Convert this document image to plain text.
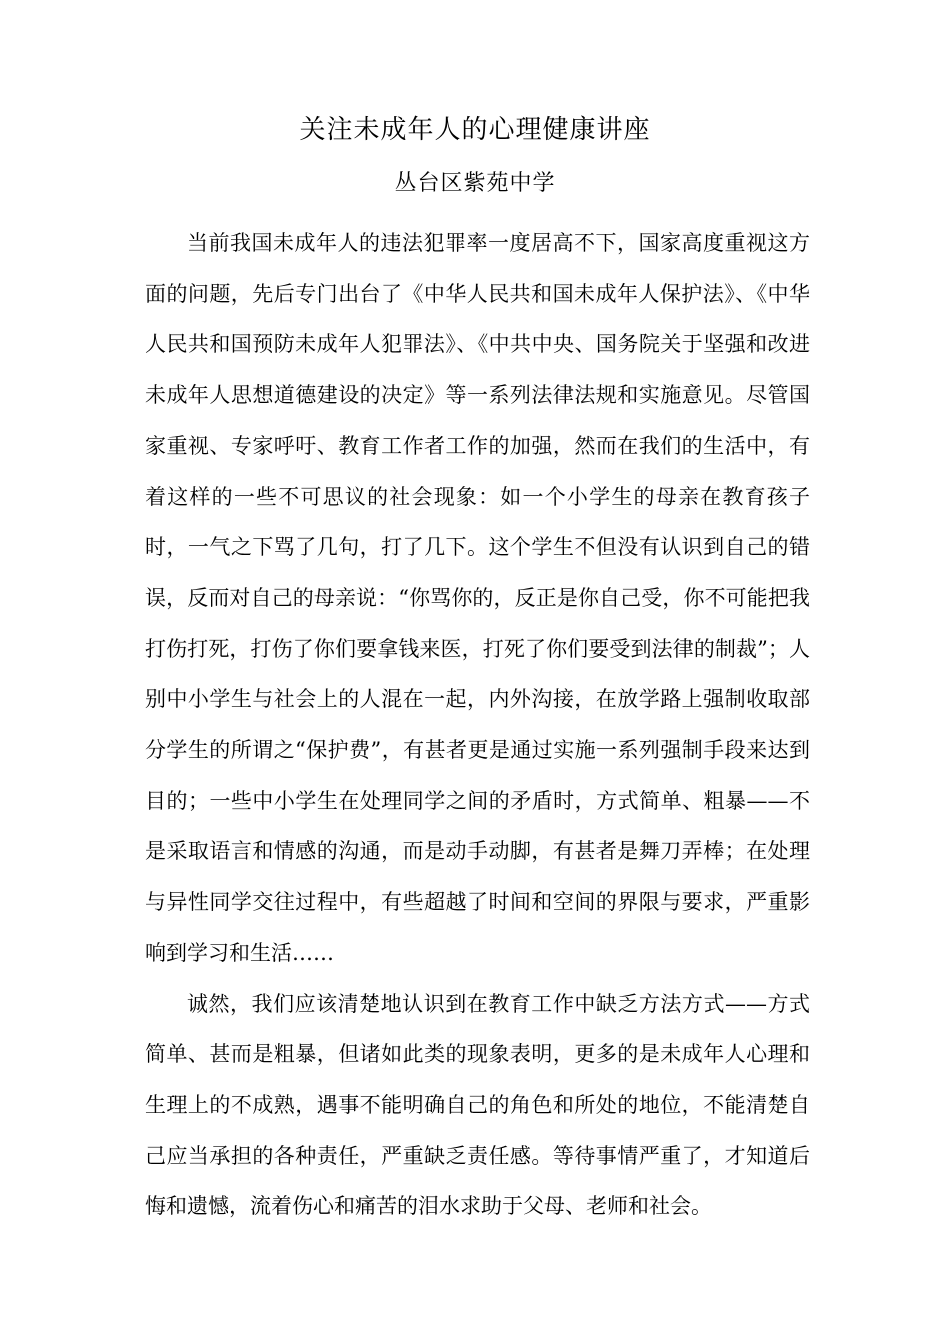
关注未成年人的心理健康讲座
丛台区紫苑中学

当前我国未成年人的违法犯罪率一度居高不下，国家高度重视这方面的问题，先后专门出台了《中华人民共和国未成年人保护法》、《中华人民共和国预防未成年人犯罪法》、《中共中央、国务院关于坚强和改进未成年人思想道德建设的决定》等一系列法律法规和实施意见。尽管国家重视、专家呼吁、教育工作者工作的加强，然而在我们的生活中，有着这样的一些不可思议的社会现象：如一个小学生的母亲在教育孩子时，一气之下骂了几句，打了几下。这个学生不但没有认识到自己的错误，反而对自己的母亲说：“你骂你的，反正是你自己受，你不可能把我打伤打死，打伤了你们要拿钱来医，打死了你们要受到法律的制裁”；人别中小学生与社会上的人混在一起，内外沟接，在放学路上强制收取部分学生的所谓之“保护费”，有甚者更是通过实施一系列强制手段来达到目的；一些中小学生在处理同学之间的矛盾时，方式简单、粗暴——不是采取语言和情感的沟通，而是动手动脚，有甚者是舞刀弄棒；在处理与异性同学交往过程中，有些超越了时间和空间的界限与要求，严重影响到学习和生活……

诚然，我们应该清楚地认识到在教育工作中缺乏方法方式——方式简单、甚而是粗暴，但诸如此类的现象表明，更多的是未成年人心理和生理上的不成熟，遇事不能明确自己的角色和所处的地位，不能清楚自己应当承担的各种责任，严重缺乏责任感。等待事情严重了，才知道后悔和遗憾，流着伤心和痛苦的泪水求助于父母、老师和社会。
